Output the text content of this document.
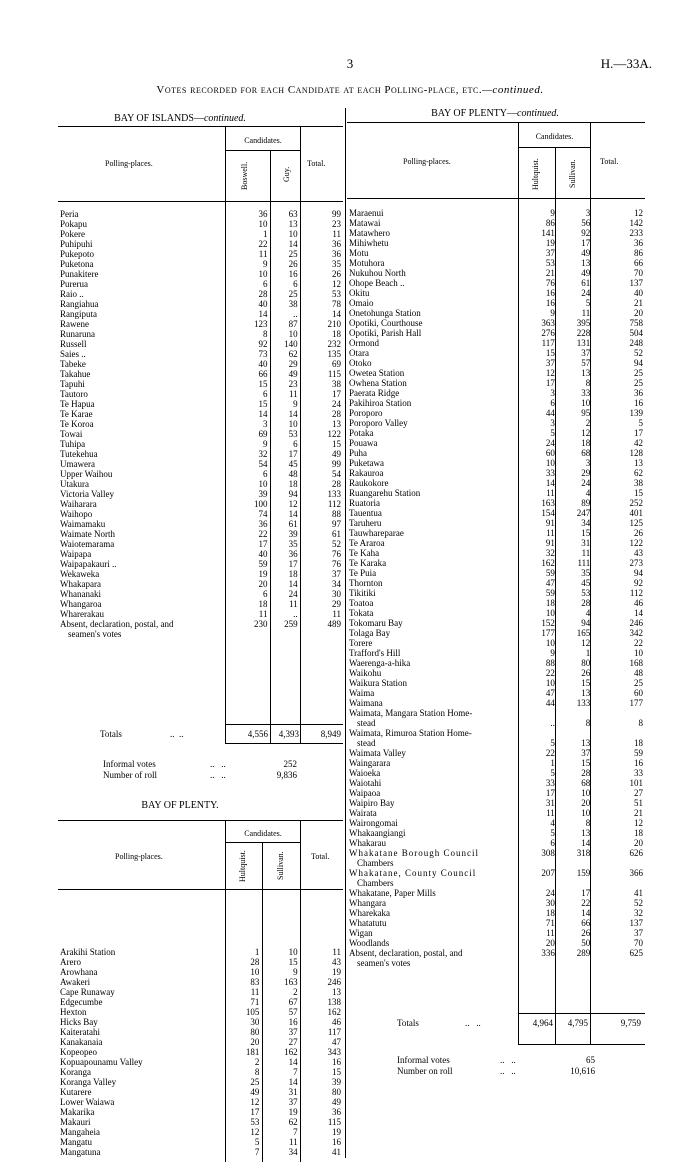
3	H.—33A.
Votes recorded for each Candidate at each Polling-place, etc.—continued.
BAY OF ISLANDS—continued.
Candidates.
Polling-places.	Total.
Boswell.	Guy.
Peria	36	63	99
Pokapu	10	13	23
Pokere	1	10	11
Puhipuhi	22	14	36
Pukepoto	11	25	36
Puketona	9	26	35
Punakitere	10	16	26
Purerua	6	6	12
Raio ..	28	25	53
Rangiahua	40	38	78
Rangiputa	14	..	14
Rawene	123	87	210
Runaruna	8	10	18
Russell	92	140	232
Saies ..	73	62	135
Tabeke	40	29	69
Takahue	66	49	115
Tapuhi	15	23	38
Tautoro	6	11	17
Te Hapua	15	9	24
Te Karae	14	14	28
Te Koroa	3	10	13
Towai	69	53	122
Tuhipa	9	6	15
Tutekehua	32	17	49
Umawera	54	45	99
Upper Waihou	6	48	54
Utakura	10	18	28
Victoria Valley	39	94	133
Waiharara	100	12	112
Waihopo	74	14	88
Waimamaku	36	61	97
Waimate North	22	39	61
Waiotemarama	17	35	52
Waipapa	40	36	76
Waipapakauri ..	59	17	76
Wekaweka	19	18	37
Whakapara	20	14	34
Whananaki	6	24	30
Whangaroa	18	11	29
Wharerakau	11	..	11
Absent, declaration, postal, and	230	259	489
seamen's votes			
Totals	..  ..	4,556	4,393	8,949
Informal votes	..   ..	252
Number of roll	..   ..	9,836
BAY OF PLENTY.
Candidates.
Polling-places.	Total.
Hultquist.	Sullivan.
Arakihi Station	1	10	11
Arero	28	15	43
Arowhana	10	9	19
Awakeri	83	163	246
Cape Runaway	11	2	13
Edgecumbe	71	67	138
Hexton	105	57	162
Hicks Bay	30	16	46
Kaiteratahi	80	37	117
Kanakanaia	20	27	47
Kopeopeo	181	162	343
Kopuapounamu Valley	2	14	16
Koranga	8	7	15
Koranga Valley	25	14	39
Kutarere	49	31	80
Lower Waiawa	12	37	49
Makarika	17	19	36
Makauri	53	62	115
Mangaheia	12	7	19
Mangatu	5	11	16
Mangatuna	7	34	41
BAY OF PLENTY—continued.
Candidates.
Polling-places.	Total.
Hultquist.	Sullivan.
Maraenui	9	3	12
Matawai	86	56	142
Matawhero	141	92	233
Mihiwhetu	19	17	36
Motu	37	49	86
Motuhora	53	13	66
Nukuhou North	21	49	70
Ohope Beach ..	76	61	137
Okitu	16	24	40
Omaio	16	5	21
Onetohunga Station	9	11	20
Opotiki, Courthouse	363	395	758
Opotiki, Parish Hall	276	228	504
Ormond	117	131	248
Otara	15	37	52
Otoko	37	57	94
Owetea Station	12	13	25
Owhena Station	17	8	25
Paerata Ridge	3	33	36
Pakihiroa Station	6	10	16
Poroporo	44	95	139
Poroporo Valley	3	2	5
Potaka	5	12	17
Pouawa	24	18	42
Puha	60	68	128
Puketawa	10	3	13
Rakauroa	33	29	62
Raukokore	14	24	38
Ruangarehu Station	11	4	15
Ruatoria	163	89	252
Tauentua	154	247	401
Taruheru	91	34	125
Tauwhareparae	11	15	26
Te Araroa	91	31	122
Te Kaha	32	11	43
Te Karaka	162	111	273
Te Puia	59	35	94
Thornton	47	45	92
Tikitiki	59	53	112
Toatoa	18	28	46
Tokata	10	4	14
Tokomaru Bay	152	94	246
Tolaga Bay	177	165	342
Torere	10	12	22
Trafford's Hill	9	1	10
Waerenga-a-hika	88	80	168
Waikohu	22	26	48
Waikura Station	10	15	25
Waima	47	13	60
Waimana	44	133	177
Waimata, Mangara Station Home-			
stead	..	8	8
Waimata, Rimuroa Station Home-			
stead	5	13	18
Waimata Valley	22	37	59
Waingarara	1	15	16
Waioeka	5	28	33
Waiotahi	33	68	101
Waipaoa	17	10	27
Waipiro Bay	31	20	51
Wairata	11	10	21
Wairongomai	4	8	12
Whakaangiangi	5	13	18
Whakarau	6	14	20
Whakatane Borough Council	308	318	626
Chambers			
Whakatane, County Council	207	159	366
Chambers			
Whakatane, Paper Mills	24	17	41
Whangara	30	22	52
Wharekaka	18	14	32
Whatatutu	71	66	137
Wigan	11	26	37
Woodlands	20	50	70
Absent, declaration, postal, and	336	289	625
seamen's votes			
Totals	..   ..	4,964	4,795	9,759
Informal votes	..   ..	65
Number on roll	..   ..	10,616
